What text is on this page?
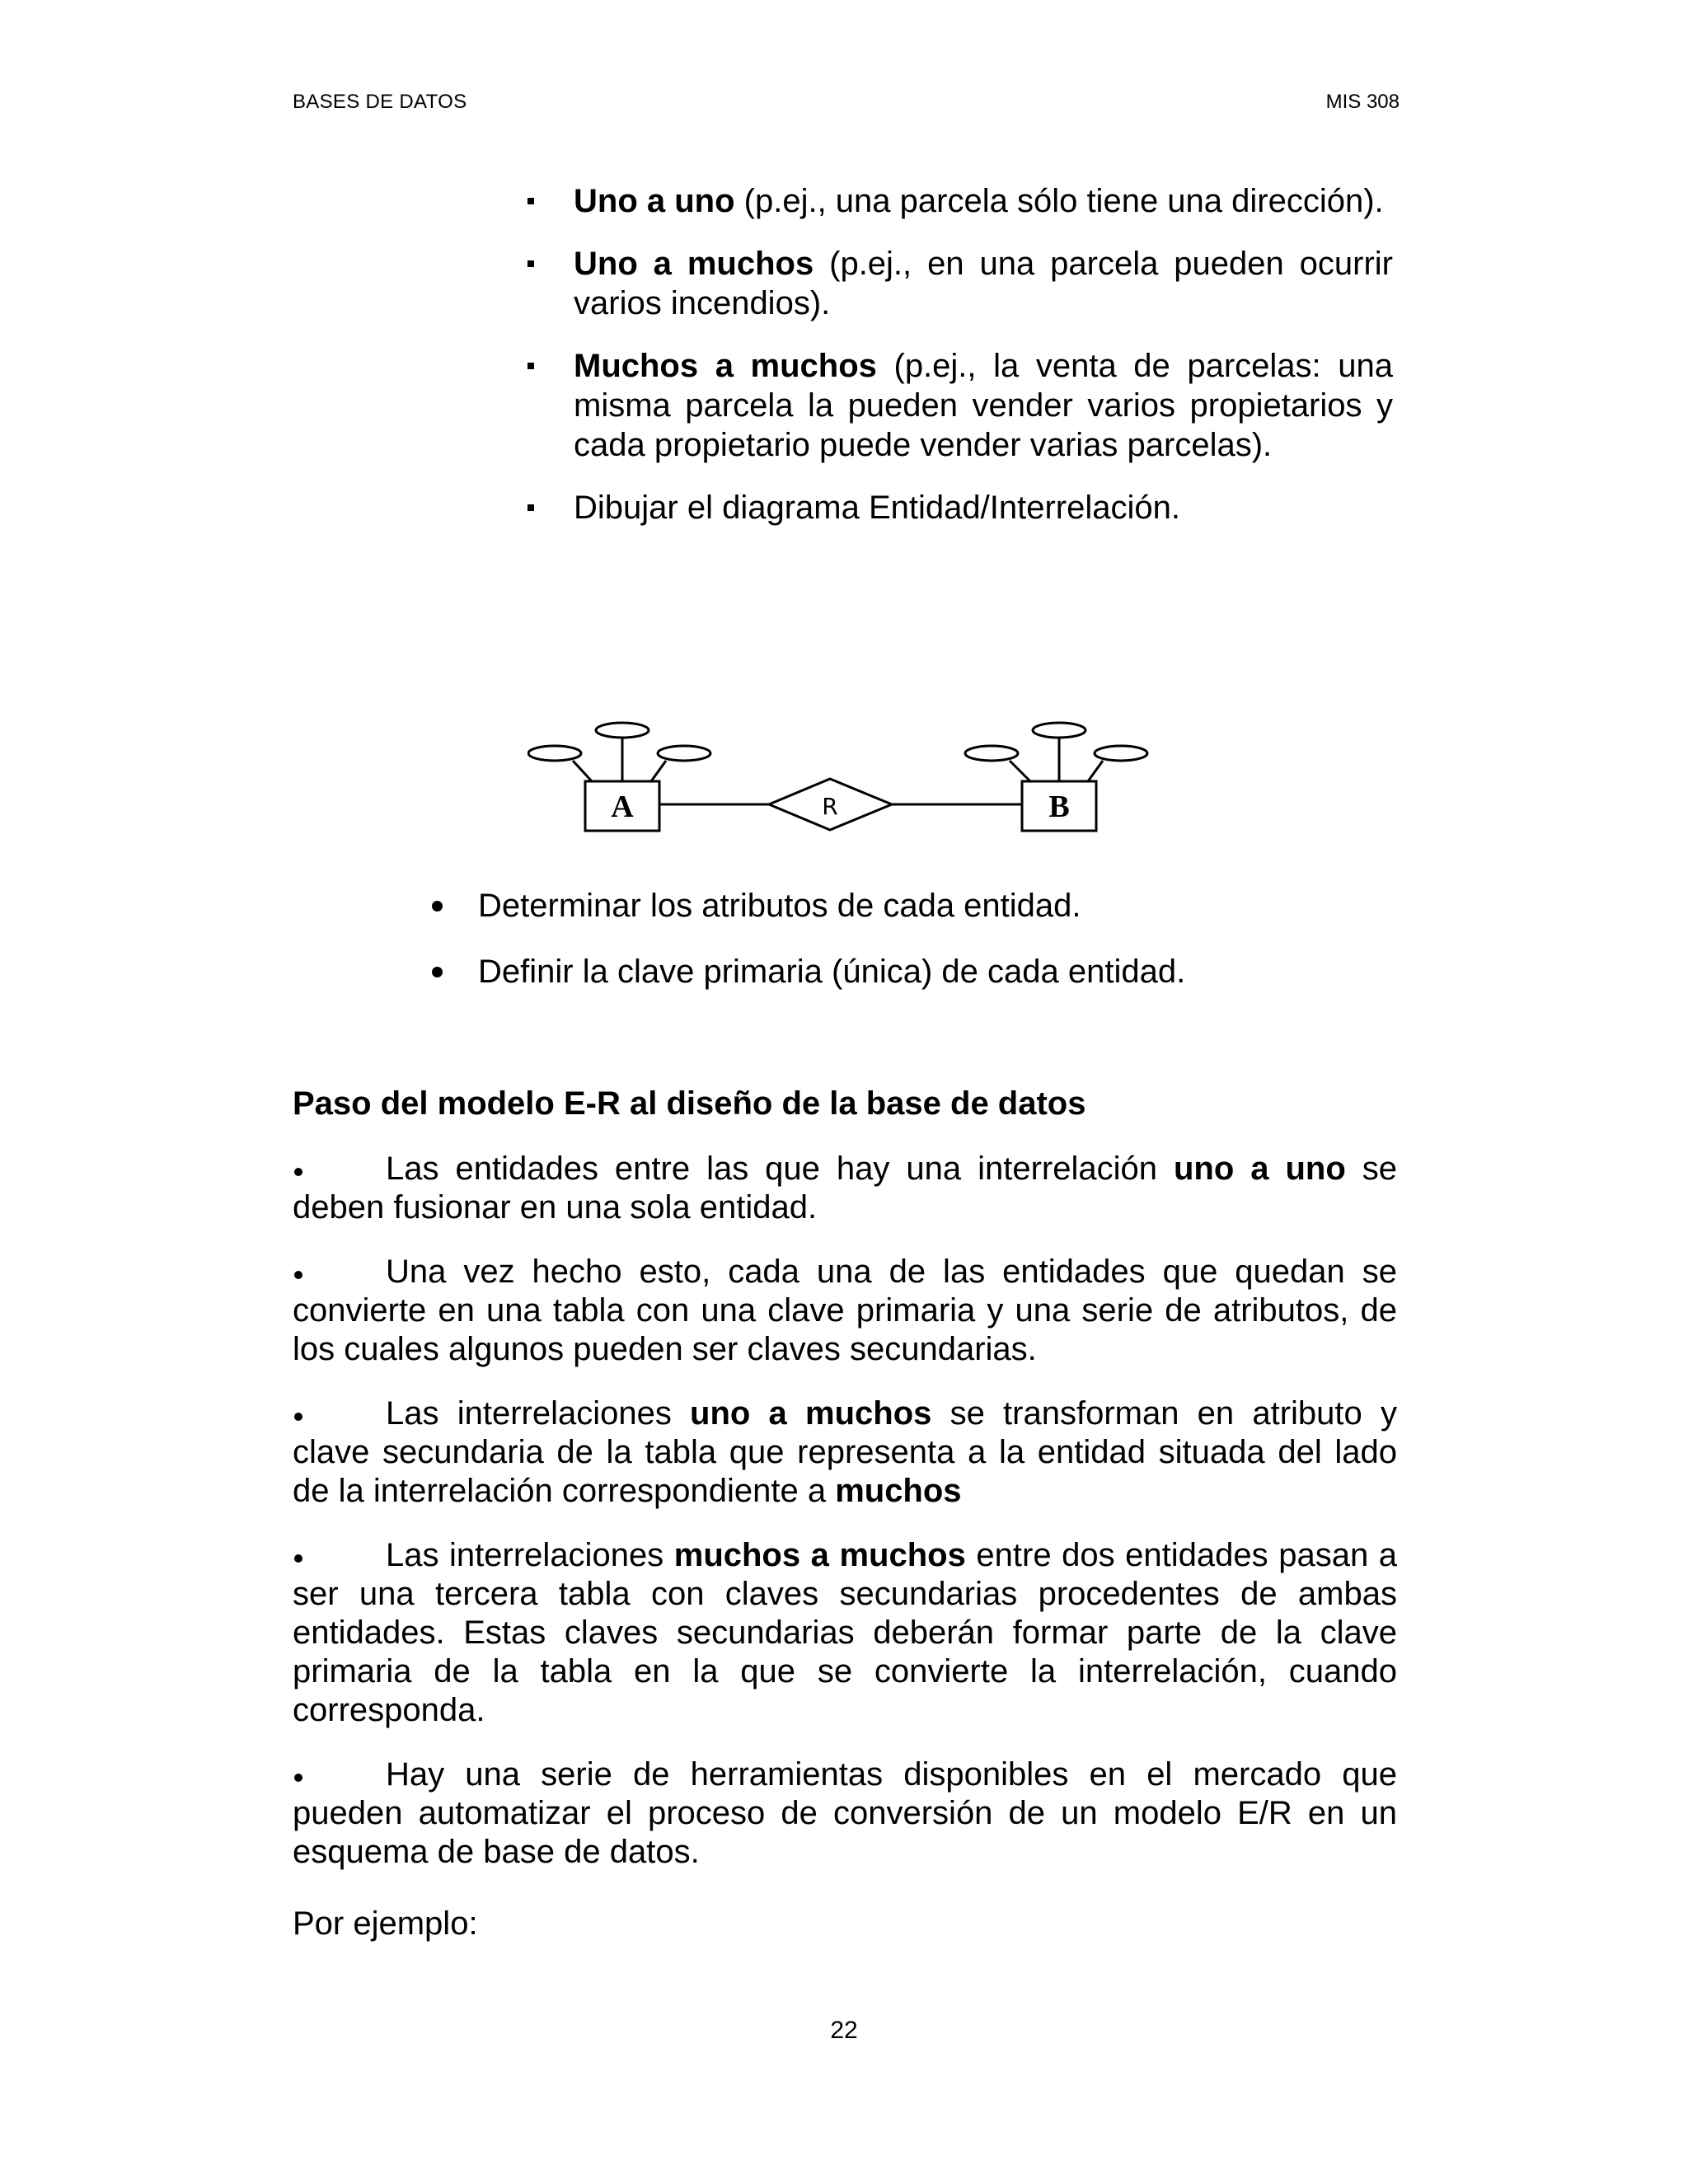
BASES DE DATOS	MIS 308
Uno a uno (p.ej., una parcela sólo tiene una dirección).
Uno a muchos (p.ej., en una parcela pueden ocurrir varios incendios).
Muchos a muchos (p.ej., la venta de parcelas: una misma parcela la pueden vender varios propietarios y cada propietario puede vender varias parcelas).
Dibujar el diagrama Entidad/Interrelación.
A	R	B
Determinar los atributos de cada entidad.
Definir la clave primaria (única) de cada entidad.
Paso del modelo E-R al diseño de la base de datos
Las entidades entre las que hay una interrelación uno a uno se deben fusionar en una sola entidad.
Una vez hecho esto, cada una de las entidades que quedan se convierte en una tabla con una clave primaria y una serie de atributos, de los cuales algunos pueden ser claves secundarias.
Las interrelaciones uno a muchos se transforman en atributo y clave secundaria de la tabla que representa a la entidad situada del lado de la interrelación correspondiente a muchos
Las interrelaciones muchos a muchos entre dos entidades pasan a ser una tercera tabla con claves secundarias procedentes de ambas entidades. Estas claves secundarias deberán formar parte de la clave primaria de la tabla en la que se convierte la interrelación, cuando corresponda.
Hay una serie de herramientas disponibles en el mercado que pueden automatizar el proceso de conversión de un modelo E/R en un esquema de base de datos.
Por ejemplo:
22
